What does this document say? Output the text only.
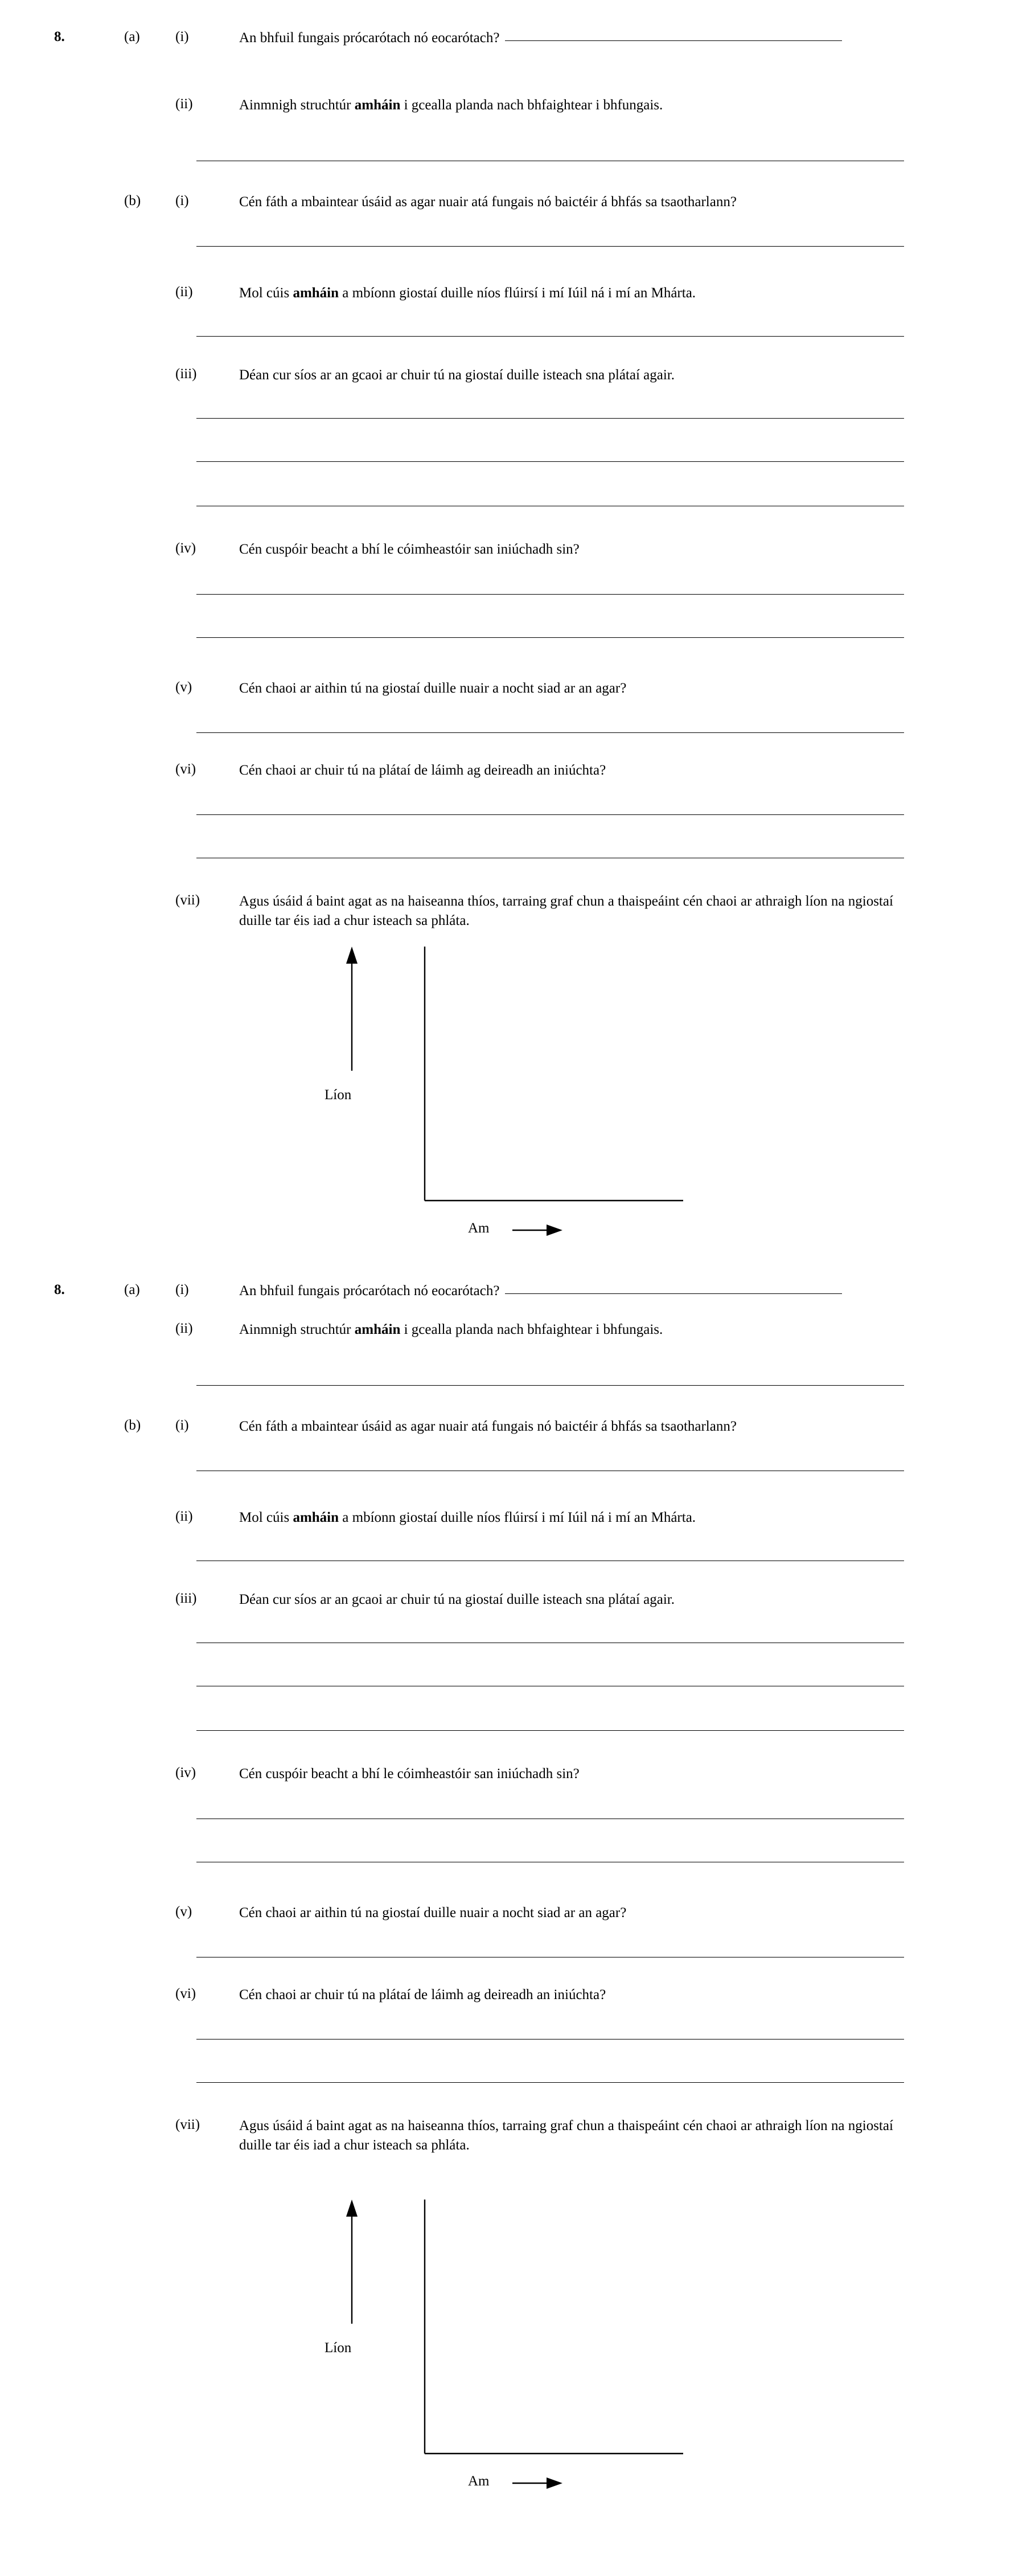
8.	(a)	(i)	An bhfuil fungais prócarótach nó eocarótach?
(ii)	Ainmnigh struchtúr amháin i gcealla planda nach bhfaightear i bhfungais.
(b)	(i)	Cén fáth a mbaintear úsáid as agar nuair atá fungais nó baictéir á bhfás sa tsaotharlann?
(ii)	Mol cúis amháin a mbíonn giostaí duille níos flúirsí i mí Iúil ná i mí an Mhárta.
(iii)	Déan cur síos ar an gcaoi ar chuir tú na giostaí duille isteach sna plátaí agair.
(iv)	Cén cuspóir beacht a bhí le cóimheastóir san iniúchadh sin?
(v)	Cén chaoi ar aithin tú na giostaí duille nuair a nocht siad ar an agar?
(vi)	Cén chaoi ar chuir tú na plátaí de láimh ag deireadh an iniúchta?
(vii)	Agus úsáid á baint agat as na haiseanna thíos, tarraing graf chun a thaispeáint cén chaoi ar athraigh líon na ngiostaí duille tar éis iad a chur isteach sa phláta.
Líon
Am
8.	(a)	(i)	An bhfuil fungais prócarótach nó eocarótach?
(ii)	Ainmnigh struchtúr amháin i gcealla planda nach bhfaightear i bhfungais.
(b)	(i)	Cén fáth a mbaintear úsáid as agar nuair atá fungais nó baictéir á bhfás sa tsaotharlann?
(ii)	Mol cúis amháin a mbíonn giostaí duille níos flúirsí i mí Iúil ná i mí an Mhárta.
(iii)	Déan cur síos ar an gcaoi ar chuir tú na giostaí duille isteach sna plátaí agair.
(iv)	Cén cuspóir beacht a bhí le cóimheastóir san iniúchadh sin?
(v)	Cén chaoi ar aithin tú na giostaí duille nuair a nocht siad ar an agar?
(vi)	Cén chaoi ar chuir tú na plátaí de láimh ag deireadh an iniúchta?
(vii)	Agus úsáid á baint agat as na haiseanna thíos, tarraing graf chun a thaispeáint cén chaoi ar athraigh líon na ngiostaí duille tar éis iad a chur isteach sa phláta.
Líon
Am
